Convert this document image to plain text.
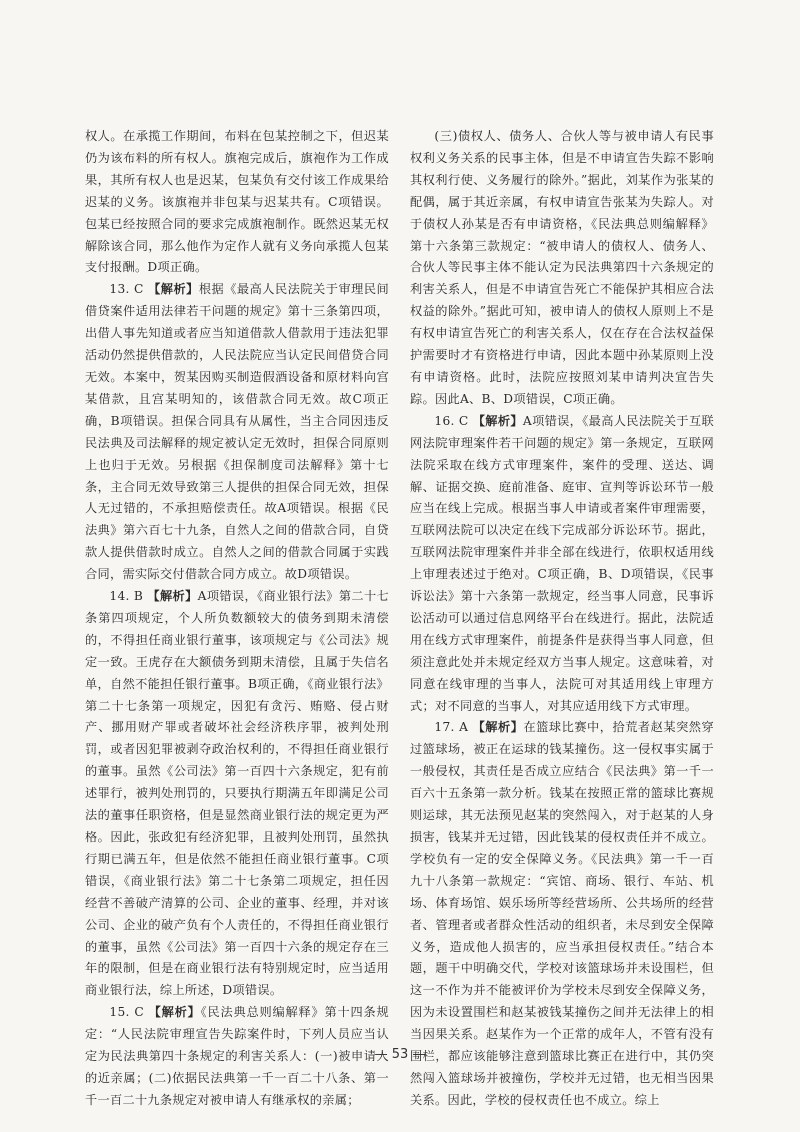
权人。在承揽工作期间，布料在包某控制之下，但迟某仍为该布料的所有权人。旗袍完成后，旗袍作为工作成果，其所有权人也是迟某，包某负有交付该工作成果给迟某的义务。该旗袍并非包某与迟某共有。C项错误。包某已经按照合同的要求完成旗袍制作。既然迟某无权解除该合同，那么他作为定作人就有义务向承揽人包某支付报酬。D项正确。

13. C 【解析】根据《最高人民法院关于审理民间借贷案件适用法律若干问题的规定》第十三条第四项，出借人事先知道或者应当知道借款人借款用于违法犯罪活动仍然提供借款的，人民法院应当认定民间借贷合同无效。本案中，贺某因购买制造假酒设备和原材料向宫某借款，且宫某明知的，该借款合同无效。故C项正确，B项错误。担保合同具有从属性，当主合同因违反民法典及司法解释的规定被认定无效时，担保合同原则上也归于无效。另根据《担保制度司法解释》第十七条，主合同无效导致第三人提供的担保合同无效，担保人无过错的，不承担赔偿责任。故A项错误。根据《民法典》第六百七十九条，自然人之间的借款合同，自贷款人提供借款时成立。自然人之间的借款合同属于实践合同，需实际交付借款合同方成立。故D项错误。

14. B 【解析】A项错误，《商业银行法》第二十七条第四项规定，个人所负数额较大的债务到期未清偿的，不得担任商业银行董事，该项规定与《公司法》规定一致。王虎存在大额债务到期未清偿，且属于失信名单，自然不能担任银行董事。B项正确，《商业银行法》第二十七条第一项规定，因犯有贪污、贿赂、侵占财产、挪用财产罪或者破坏社会经济秩序罪，被判处刑罚，或者因犯罪被剥夺政治权利的，不得担任商业银行的董事。虽然《公司法》第一百四十六条规定，犯有前述罪行，被判处刑罚的，只要执行期满五年即满足公司法的董事任职资格，但是显然商业银行法的规定更为严格。因此，张政犯有经济犯罪，且被判处刑罚，虽然执行期已满五年，但是依然不能担任商业银行董事。C项错误，《商业银行法》第二十七条第二项规定，担任因经营不善破产清算的公司、企业的董事、经理，并对该公司、企业的破产负有个人责任的，不得担任商业银行的董事，虽然《公司法》第一百四十六条的规定存在三年的限制，但是在商业银行法有特别规定时，应当适用商业银行法，综上所述，D项错误。

15. C 【解析】《民法典总则编解释》第十四条规定：“人民法院审理宣告失踪案件时，下列人员应当认定为民法典第四十条规定的利害关系人：(一)被申请人的近亲属；(二)依据民法典第一千一百二十八条、第一千一百二十九条规定对被申请人有继承权的亲属；

(三)债权人、债务人、合伙人等与被申请人有民事权利义务关系的民事主体，但是不申请宣告失踪不影响其权利行使、义务履行的除外。”据此，刘某作为张某的配偶，属于其近亲属，有权申请宣告张某为失踪人。对于债权人孙某是否有申请资格，《民法典总则编解释》第十六条第三款规定：“被申请人的债权人、债务人、合伙人等民事主体不能认定为民法典第四十六条规定的利害关系人，但是不申请宣告死亡不能保护其相应合法权益的除外。”据此可知，被申请人的债权人原则上不是有权申请宣告死亡的利害关系人，仅在存在合法权益保护需要时才有资格进行申请，因此本题中孙某原则上没有申请资格。此时，法院应按照刘某申请判决宣告失踪。因此A、B、D项错误，C项正确。

16. C 【解析】A项错误，《最高人民法院关于互联网法院审理案件若干问题的规定》第一条规定，互联网法院采取在线方式审理案件，案件的受理、送达、调解、证据交换、庭前准备、庭审、宣判等诉讼环节一般应当在线上完成。根据当事人申请或者案件审理需要，互联网法院可以决定在线下完成部分诉讼环节。据此，互联网法院审理案件并非全部在线进行，依职权适用线上审理表述过于绝对。C项正确，B、D项错误，《民事诉讼法》第十六条第一款规定，经当事人同意，民事诉讼活动可以通过信息网络平台在线进行。据此，法院适用在线方式审理案件，前提条件是获得当事人同意，但须注意此处并未规定经双方当事人规定。这意味着，对同意在线审理的当事人，法院可对其适用线上审理方式；对不同意的当事人，对其应适用线下方式审理。

17. A 【解析】在篮球比赛中，拾荒者赵某突然穿过篮球场，被正在运球的钱某撞伤。这一侵权事实属于一般侵权，其责任是否成立应结合《民法典》第一千一百六十五条第一款分析。钱某在按照正常的篮球比赛规则运球，其无法预见赵某的突然闯入，对于赵某的人身损害，钱某并无过错，因此钱某的侵权责任并不成立。学校负有一定的安全保障义务。《民法典》第一千一百九十八条第一款规定：“宾馆、商场、银行、车站、机场、体育场馆、娱乐场所等经营场所、公共场所的经营者、管理者或者群众性活动的组织者，未尽到安全保障义务，造成他人损害的，应当承担侵权责任。”结合本题，题干中明确交代，学校对该篮球场并未设围栏，但这一不作为并不能被评价为学校未尽到安全保障义务，因为未设置围栏和赵某被钱某撞伤之间并无法律上的相当因果关系。赵某作为一个正常的成年人，不管有没有围栏，都应该能够注意到篮球比赛正在进行中，其仍突然闯入篮球场并被撞伤，学校并无过错，也无相当因果关系。因此，学校的侵权责任也不成立。综上

— 53 —
